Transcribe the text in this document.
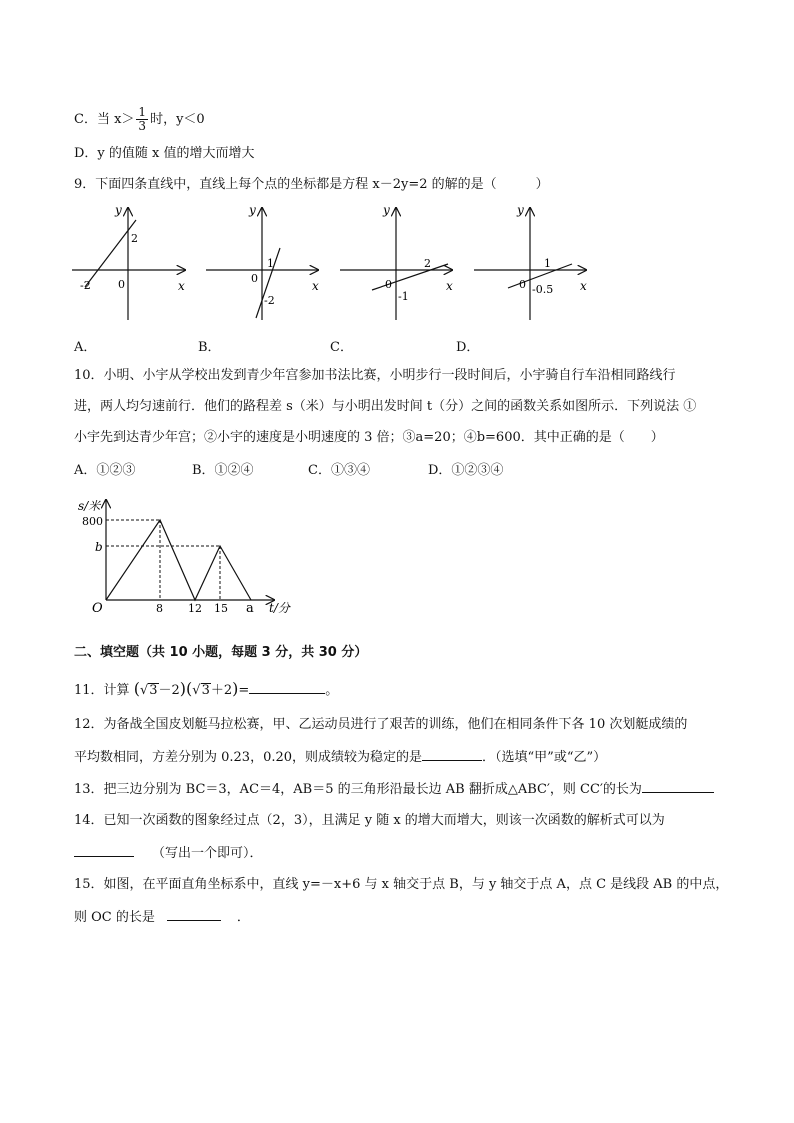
C．当 $x> \frac{1}{3}$ 时，y＜0
D．y 的值随 x 值的增大而增大
9．下面四条直线中，直线上每个点的坐标都是方程 x－2y=2 的解的是（　　　）
y
x
0
2
-2
y
x
0
1
-2
y
x
0
2
-1
y
x
0
1
-0.5
A．	B．	C．	D．
10．小明、小宇从学校出发到青少年宫参加书法比赛，小明步行一段时间后，小宇骑自行车沿相同路线行
进，两人均匀速前行．他们的路程差 s（米）与小明出发时间 t（分）之间的函数关系如图所示．下列说法 ①
小宇先到达青少年宫；②小宇的速度是小明速度的 3 倍；③a=20；④b=600．其中正确的是（　　）
A．①②③	B．①②④	C．①③④	D．①②③④
s/米
t/分
O
800
b
8 12 15 a
二、填空题（共 10 小题，每题 3 分，共 30 分）
11．计算 (√3－2)(√3＋2)=	。
12．为备战全国皮划艇马拉松赛，甲、乙运动员进行了艰苦的训练，他们在相同条件下各 10 次划艇成绩的
平均数相同，方差分别为 0.23，0.20，则成绩较为稳定的是	．（选填“甲”或“乙”）
13．把三边分别为 BC＝3，AC＝4，AB＝5 的三角形沿最长边 AB 翻折成△ABC′，则 CC′的长为
14．已知一次函数的图象经过点（2，3），且满足 y 随 x 的增大而增大，则该一次函数的解析式可以为
（写出一个即可）．
15．如图，在平面直角坐标系中，直线 y=－x+6 与 x 轴交于点 B，与 y 轴交于点 A，点 C 是线段 AB 的中点，
则 OC 的长是	．
